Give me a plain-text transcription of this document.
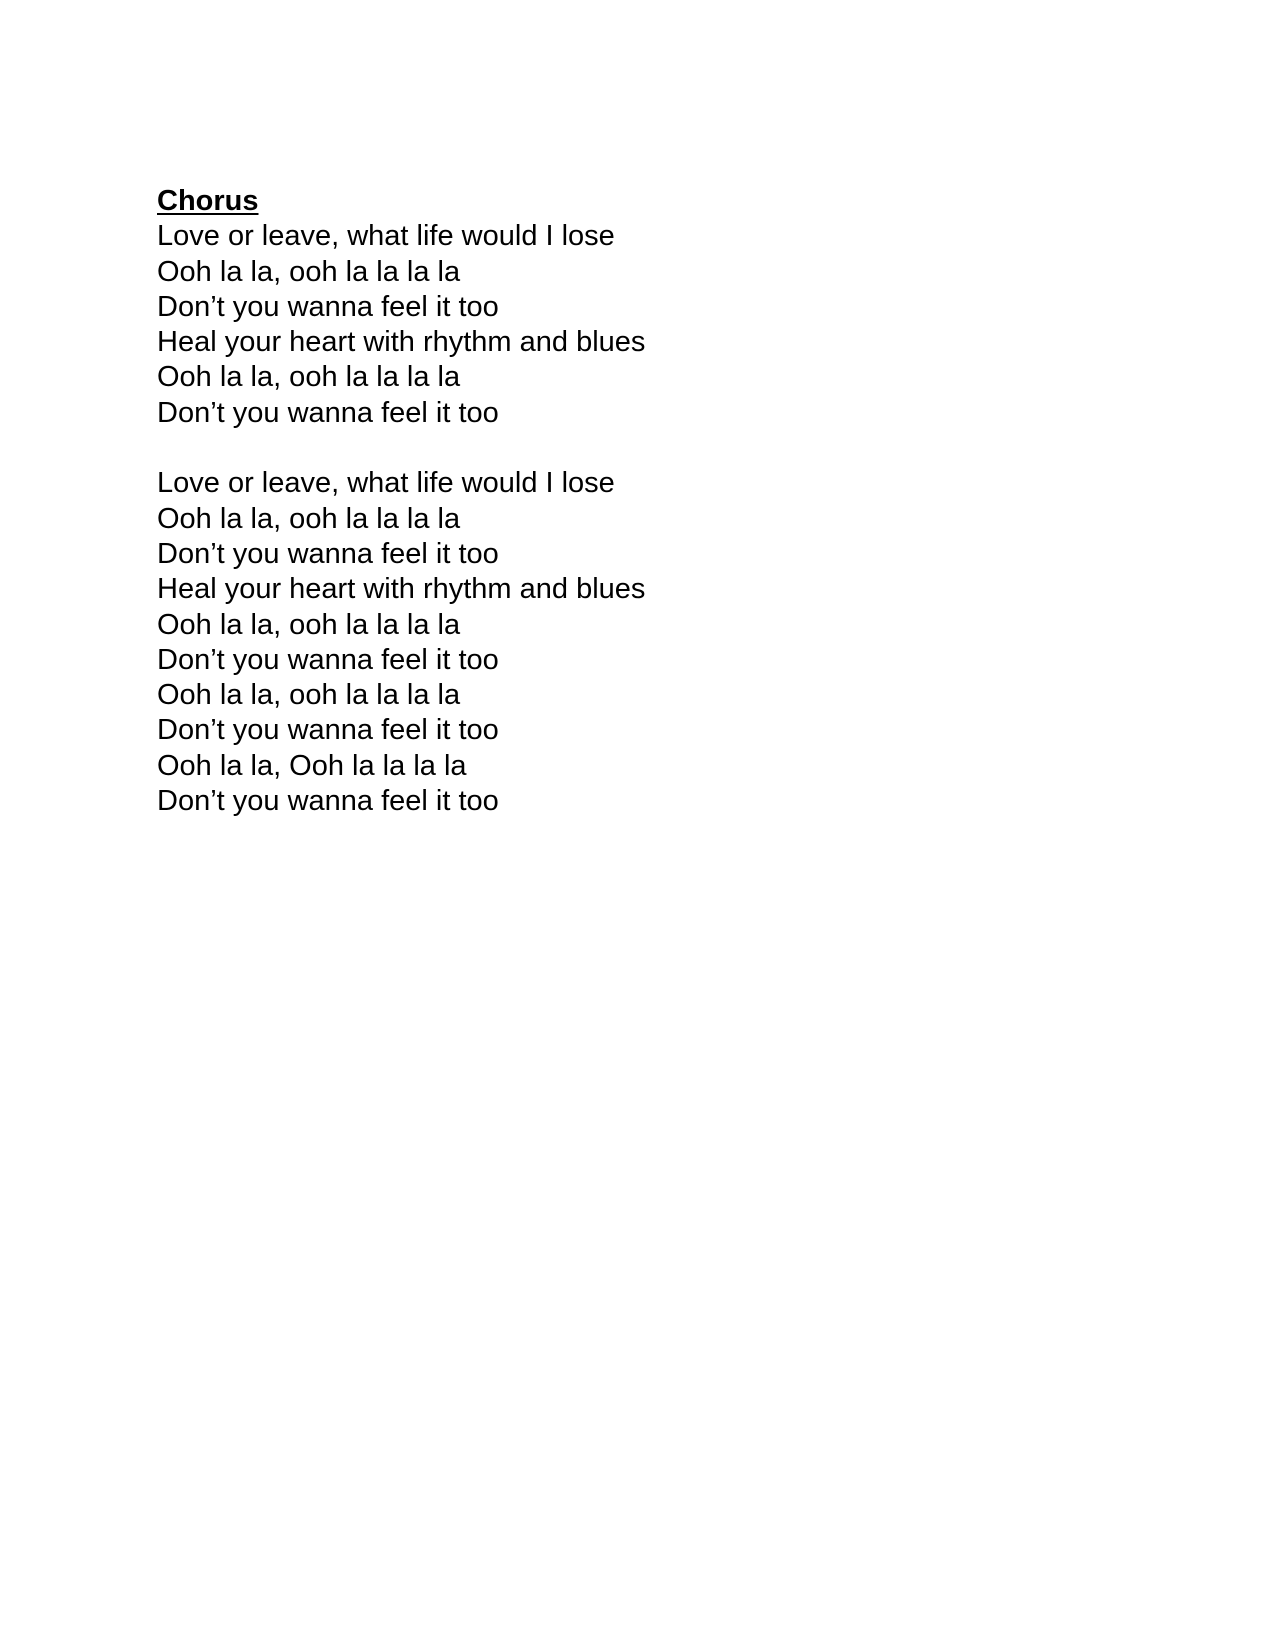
Chorus
Love or leave, what life would I lose
Ooh la la, ooh la la la la
Don’t you wanna feel it too
Heal your heart with rhythm and blues
Ooh la la, ooh la la la la
Don’t you wanna feel it too
Love or leave, what life would I lose
Ooh la la, ooh la la la la
Don’t you wanna feel it too
Heal your heart with rhythm and blues
Ooh la la, ooh la la la la
Don’t you wanna feel it too
Ooh la la, ooh la la la la
Don’t you wanna feel it too
Ooh la la, Ooh la la la la
Don’t you wanna feel it too
